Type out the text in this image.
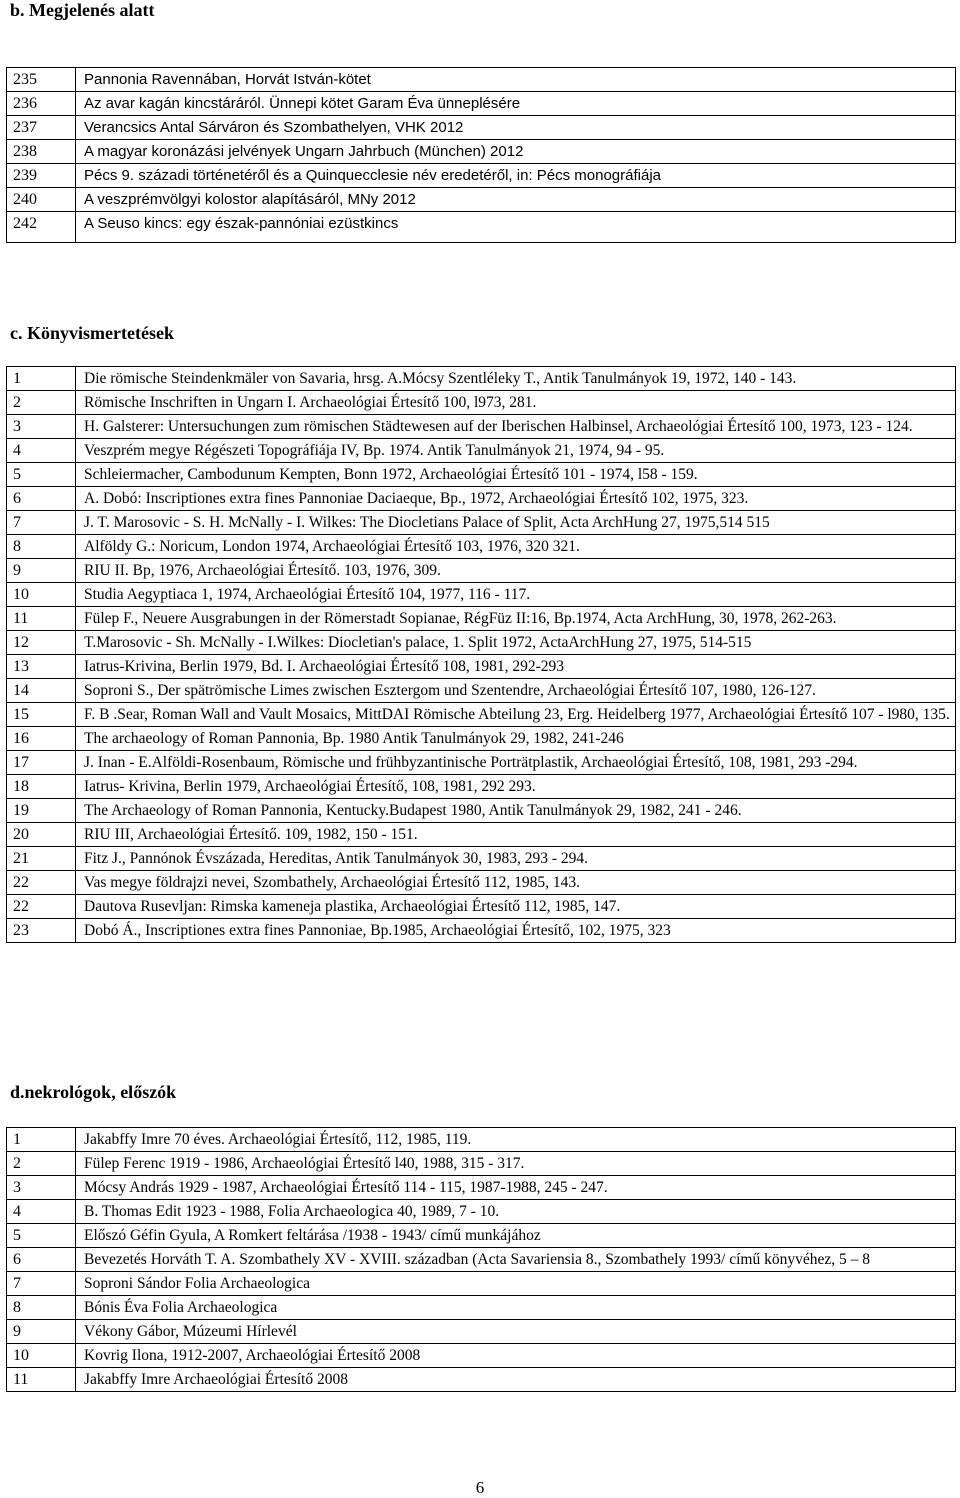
b. Megjelenés alatt
235	Pannonia Ravennában, Horvát István-kötet
236	Az avar kagán kincstáráról. Ünnepi kötet Garam Éva ünneplésére
237	Verancsics Antal Sárváron és Szombathelyen, VHK 2012
238	A magyar koronázási jelvények Ungarn Jahrbuch (München) 2012
239	Pécs 9. századi történetéről és a Quinquecclesie név eredetéről, in: Pécs monográfiája
240	A veszprémvölgyi kolostor alapításáról, MNy 2012
242	A Seuso kincs: egy észak-pannóniai ezüstkincs
c. Könyvismertetések
1	Die römische Steindenkmäler von Savaria, hrsg. A.Mócsy Szentléleky T., Antik Tanulmányok 19, 1972, 140 - 143.
2	Römische Inschriften in Ungarn I. Archaeológiai Értesítő 100, l973, 281.
3	H. Galsterer: Untersuchungen zum römischen Städtewesen auf der Iberischen Halbinsel, Archaeológiai Értesítő 100, 1973, 123 - 124.
4	Veszprém megye Régészeti Topográfiája IV, Bp. 1974. Antik Tanulmányok 21, 1974, 94 - 95.
5	Schleiermacher, Cambodunum Kempten, Bonn 1972, Archaeológiai Értesítő 101 - 1974, l58 - 159.
6	A. Dobó: Inscriptiones extra fines Pannoniae Daciaeque, Bp., 1972, Archaeológiai Értesítő 102, 1975, 323.
7	J. T. Marosovic - S. H. McNally - I. Wilkes: The Diocletians Palace of Split, Acta ArchHung 27, 1975,514 515
8	Alföldy G.: Noricum, London 1974, Archaeológiai Értesítő 103, 1976, 320 321.
9	RIU II. Bp, 1976, Archaeológiai Értesítő. 103, 1976, 309.
10	Studia Aegyptiaca 1, 1974, Archaeológiai Értesítő 104, 1977, 116 - 117.
11	Fülep F., Neuere Ausgrabungen in der Römerstadt Sopianae, RégFüz II:16, Bp.1974, Acta ArchHung, 30, 1978, 262-263.
12	T.Marosovic - Sh. McNally - I.Wilkes: Diocletian's palace, 1. Split 1972, ActaArchHung 27, 1975, 514-515
13	Iatrus-Krivina, Berlin 1979, Bd. I. Archaeológiai Értesítő 108, 1981, 292-293
14	Soproni S., Der spätrömische Limes zwischen Esztergom und Szentendre, Archaeológiai Értesítő 107, 1980, 126-127.
15	F. B .Sear, Roman Wall and Vault Mosaics, MittDAI Römische Abteilung 23, Erg. Heidelberg 1977, Archaeológiai Értesítő 107 - l980, 135.
16	The archaeology of Roman Pannonia, Bp. 1980 Antik Tanulmányok 29, 1982, 241-246
17	J. Inan - E.Alföldi-Rosenbaum, Römische und frühbyzantinische Porträtplastik, Archaeológiai Értesítő, 108, 1981, 293 -294.
18	Iatrus- Krivina, Berlin 1979, Archaeológiai Értesítő, 108, 1981, 292 293.
19	The Archaeology of Roman Pannonia, Kentucky.Budapest 1980, Antik Tanulmányok 29, 1982, 241 - 246.
20	RIU III, Archaeológiai Értesítő. 109, 1982, 150 - 151.
21	Fitz J., Pannónok Évszázada, Hereditas, Antik Tanulmányok 30, 1983, 293 - 294.
22	Vas megye földrajzi nevei, Szombathely, Archaeológiai Értesítő 112, 1985, 143.
22	Dautova Rusevljan: Rimska kameneja plastika, Archaeológiai Értesítő 112, 1985, 147.
23	Dobó Á., Inscriptiones extra fines Pannoniae, Bp.1985, Archaeológiai Értesítő, 102, 1975, 323
d.nekrológok, előszók
1	Jakabffy Imre 70 éves. Archaeológiai Értesítő, 112, 1985, 119.
2	Fülep Ferenc 1919 - 1986, Archaeológiai Értesítő l40, 1988, 315 - 317.
3	Mócsy András 1929 - 1987, Archaeológiai Értesítő 114 - 115, 1987-1988, 245 - 247.
4	B. Thomas Edit 1923 - 1988, Folia Archaeologica 40, 1989, 7 - 10.
5	Előszó Géfin Gyula, A Romkert feltárása /1938 - 1943/ című munkájához
6	Bevezetés Horváth T. A. Szombathely XV - XVIII. században (Acta Savariensia 8., Szombathely 1993/ című könyvéhez, 5 – 8
7	Soproni Sándor Folia Archaeologica
8	Bónis Éva Folia Archaeologica
9	Vékony Gábor, Múzeumi Hírlevél
10	Kovrig Ilona, 1912-2007, Archaeológiai Értesítő 2008
11	Jakabffy Imre Archaeológiai Értesítő 2008
6
